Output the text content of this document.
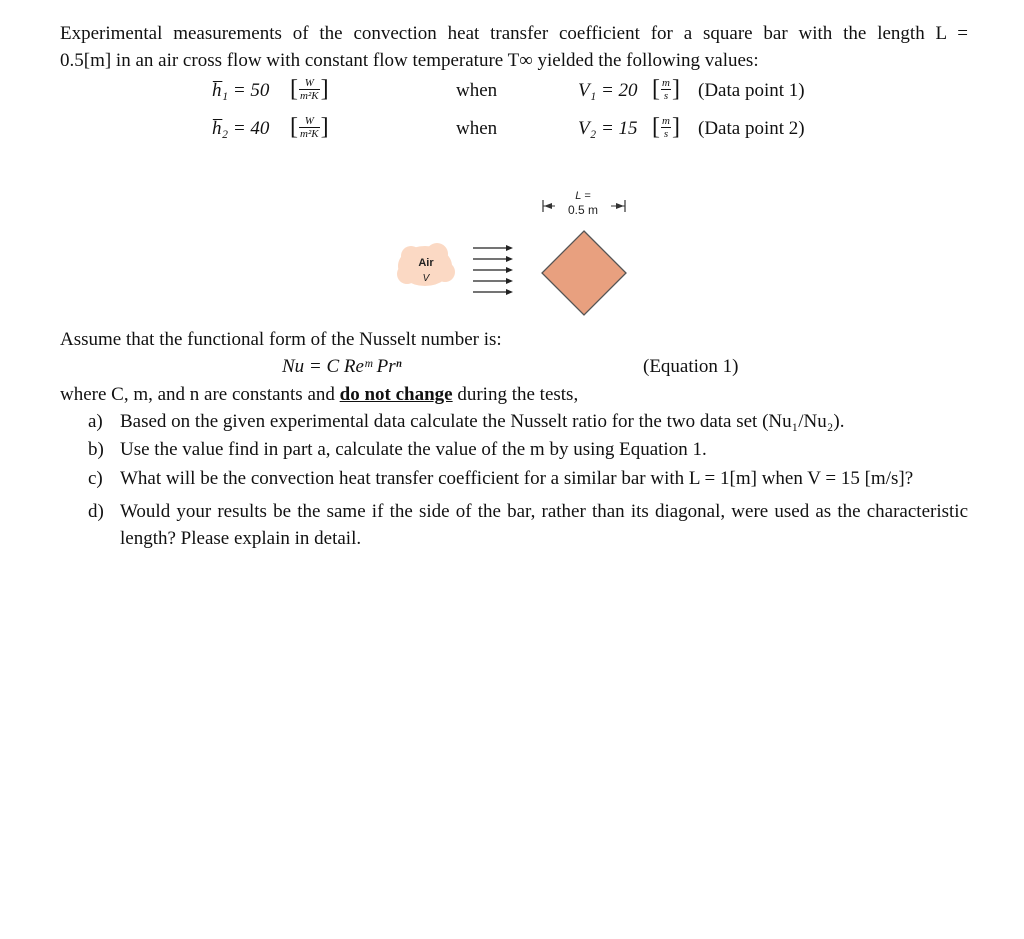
Experimental measurements of the convection heat transfer coefficient for a square bar with the length L =
0.5[m] in an air cross flow with constant flow temperature T∞ yielded the following values:
h̅₁ = 50 [ $\frac{W}{\text{m²K}}$ ]	when	V₁ = 20 [ $\frac{m}{s}$ ] (Data point 1)
h̅₂ = 40 [ $\frac{W}{\text{m²K}}$ ]	when	V₂ = 15 [ $\frac{m}{s}$ ] (Data point 2)
L =
0.5 m
Air
V
Assume that the functional form of the Nusselt number is:
Nu = C Reᵐ Prⁿ	(Equation 1)
where C, m, and n are constants and do not change during the tests,
a) Based on the given experimental data calculate the Nusselt ratio for the two data set (Nu₁/Nu₂).
b) Use the value find in part a, calculate the value of the m by using Equation 1.
c) What will be the convection heat transfer coefficient for a similar bar with L = 1[m] when V = 15 [m/s]?
d) Would your results be the same if the side of the bar, rather than its diagonal, were used as the characteristic length? Please explain in detail.
